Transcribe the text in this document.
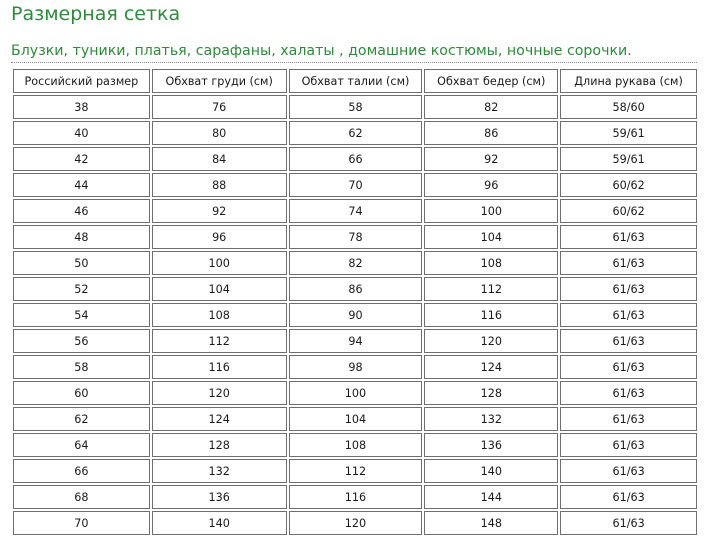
Размерная сетка
Блузки, туники, платья, сарафаны, халаты , домашние костюмы, ночные сорочки.
Российский размер	Обхват груди (см)	Обхват талии (см)	Обхват бедер (см)	Длина рукава (см)
38	76	58	82	58/60
40	80	62	86	59/61
42	84	66	92	59/61
44	88	70	96	60/62
46	92	74	100	60/62
48	96	78	104	61/63
50	100	82	108	61/63
52	104	86	112	61/63
54	108	90	116	61/63
56	112	94	120	61/63
58	116	98	124	61/63
60	120	100	128	61/63
62	124	104	132	61/63
64	128	108	136	61/63
66	132	112	140	61/63
68	136	116	144	61/63
70	140	120	148	61/63
